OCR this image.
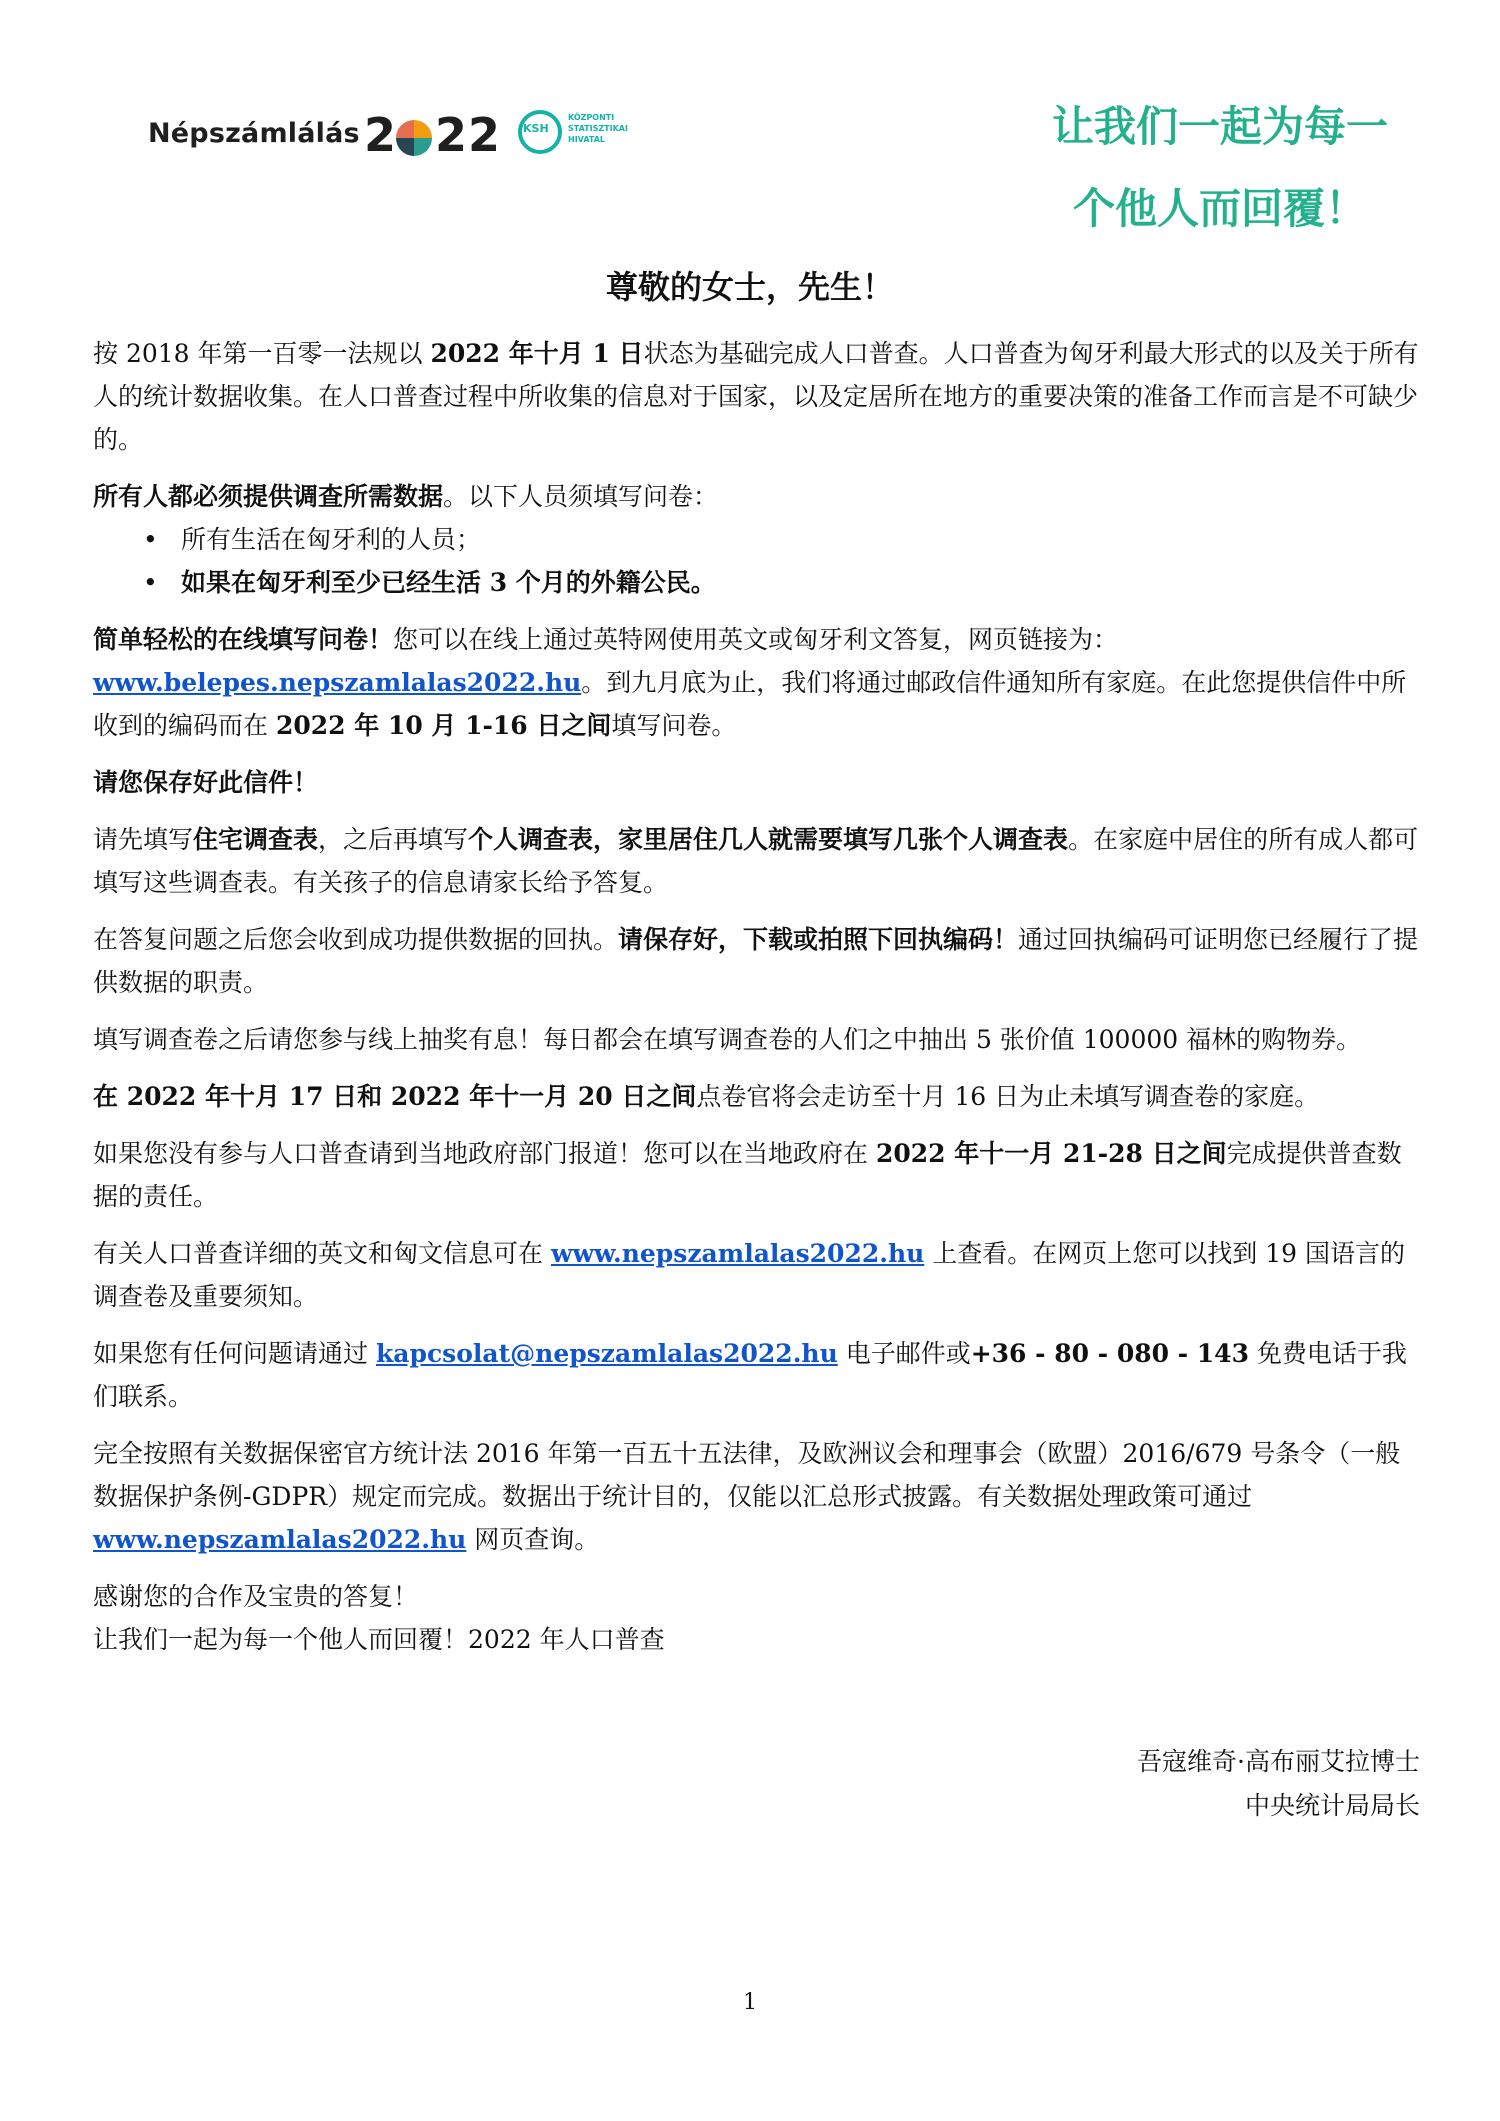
Népszámlálás 2 22 KSH
KÖZPONTI
STATISZTIKAI
HIVATAL	让我们一起为每一
个他人而回覆！
尊敬的女士，先生！

按 2018 年第一百零一法规以 2022 年十月 1 日状态为基础完成人口普查。人口普查为匈牙利最大形式的以及关于所有人的统计数据收集。在人口普查过程中所收集的信息对于国家，以及定居所在地方的重要决策的准备工作而言是不可缺少的。

所有人都必须提供调查所需数据。以下人员须填写问卷：

• 所有生活在匈牙利的人员；
• 如果在匈牙利至少已经生活 3 个月的外籍公民。

简单轻松的在线填写问卷！您可以在线上通过英特网使用英文或匈牙利文答复，网页链接为：www.belepes.nepszamlalas2022.hu。到九月底为止，我们将通过邮政信件通知所有家庭。在此您提供信件中所收到的编码而在 2022 年 10 月 1-16 日之间填写问卷。

请您保存好此信件！

请先填写住宅调查表，之后再填写个人调查表，家里居住几人就需要填写几张个人调查表。在家庭中居住的所有成人都可填写这些调查表。有关孩子的信息请家长给予答复。

在答复问题之后您会收到成功提供数据的回执。请保存好，下载或拍照下回执编码！通过回执编码可证明您已经履行了提供数据的职责。

填写调查卷之后请您参与线上抽奖有息！每日都会在填写调查卷的人们之中抽出 5 张价值 100000 福林的购物券。

在 2022 年十月 17 日和 2022 年十一月 20 日之间点卷官将会走访至十月 16 日为止未填写调查卷的家庭。

如果您没有参与人口普查请到当地政府部门报道！您可以在当地政府在 2022 年十一月 21-28 日之间完成提供普查数据的责任。

有关人口普查详细的英文和匈文信息可在 www.nepszamlalas2022.hu 上查看。在网页上您可以找到 19 国语言的调查卷及重要须知。

如果您有任何问题请通过 kapcsolat@nepszamlalas2022.hu 电子邮件或+36 - 80 - 080 - 143 免费电话于我们联系。

完全按照有关数据保密官方统计法 2016 年第一百五十五法律，及欧洲议会和理事会（欧盟）2016/679 号条令（一般数据保护条例-GDPR）规定而完成。数据出于统计目的，仅能以汇总形式披露。有关数据处理政策可通过 www.nepszamlalas2022.hu 网页查询。

感谢您的合作及宝贵的答复！

让我们一起为每一个他人而回覆！2022 年人口普查

吾寇维奇·高布丽艾拉博士
中央统计局局长
1
